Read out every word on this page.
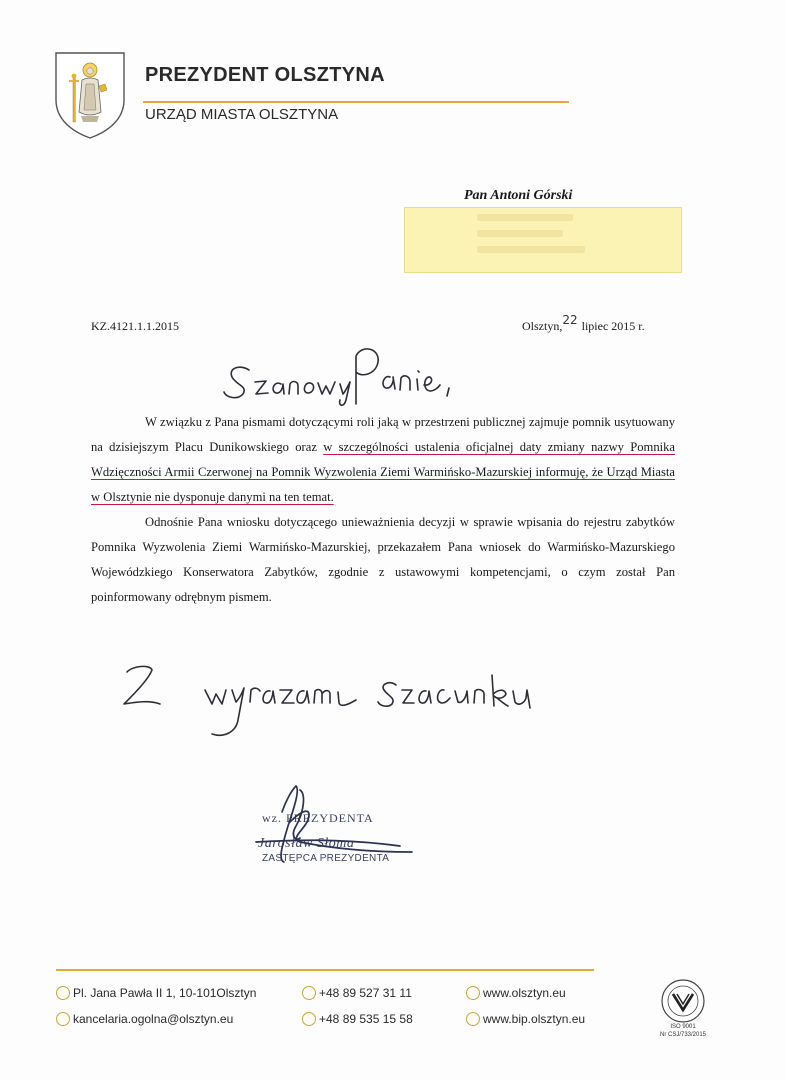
PREZYDENT OLSZTYNA
URZĄD MIASTA OLSZTYNA
Pan Antoni Górski
KZ.4121.1.1.2015	Olsztyn, 22 lipiec 2015 r.
W związku z Pana pismami dotyczącymi roli jaką w przestrzeni publicznej zajmuje pomnik usytuowany na dzisiejszym Placu Dunikowskiego oraz w szczególności ustalenia oficjalnej daty zmiany nazwy Pomnika Wdzięczności Armii Czerwonej na Pomnik Wyzwolenia Ziemi Warmińsko-Mazurskiej informuję, że Urząd Miasta w Olsztynie nie dysponuje danymi na ten temat.
Odnośnie Pana wniosku dotyczącego unieważnienia decyzji w sprawie wpisania do rejestru zabytków Pomnika Wyzwolenia Ziemi Warmińsko-Mazurskiej, przekazałem Pana wniosek do Warmińsko-Mazurskiego Wojewódzkiego Konserwatora Zabytków, zgodnie z ustawowymi kompetencjami, o czym został Pan poinformowany odrębnym pismem.
wz. PREZYDENTA
Jarosław Słoma
ZASTĘPCA PREZYDENTA
Pl. Jana Pawła II 1, 10-101Olsztyn
kancelaria.ogolna@olsztyn.eu
+48 89 527 31 11
+48 89 535 15 58
www.olsztyn.eu
www.bip.olsztyn.eu
ISO 9001
Nr CSJ/733/2015
